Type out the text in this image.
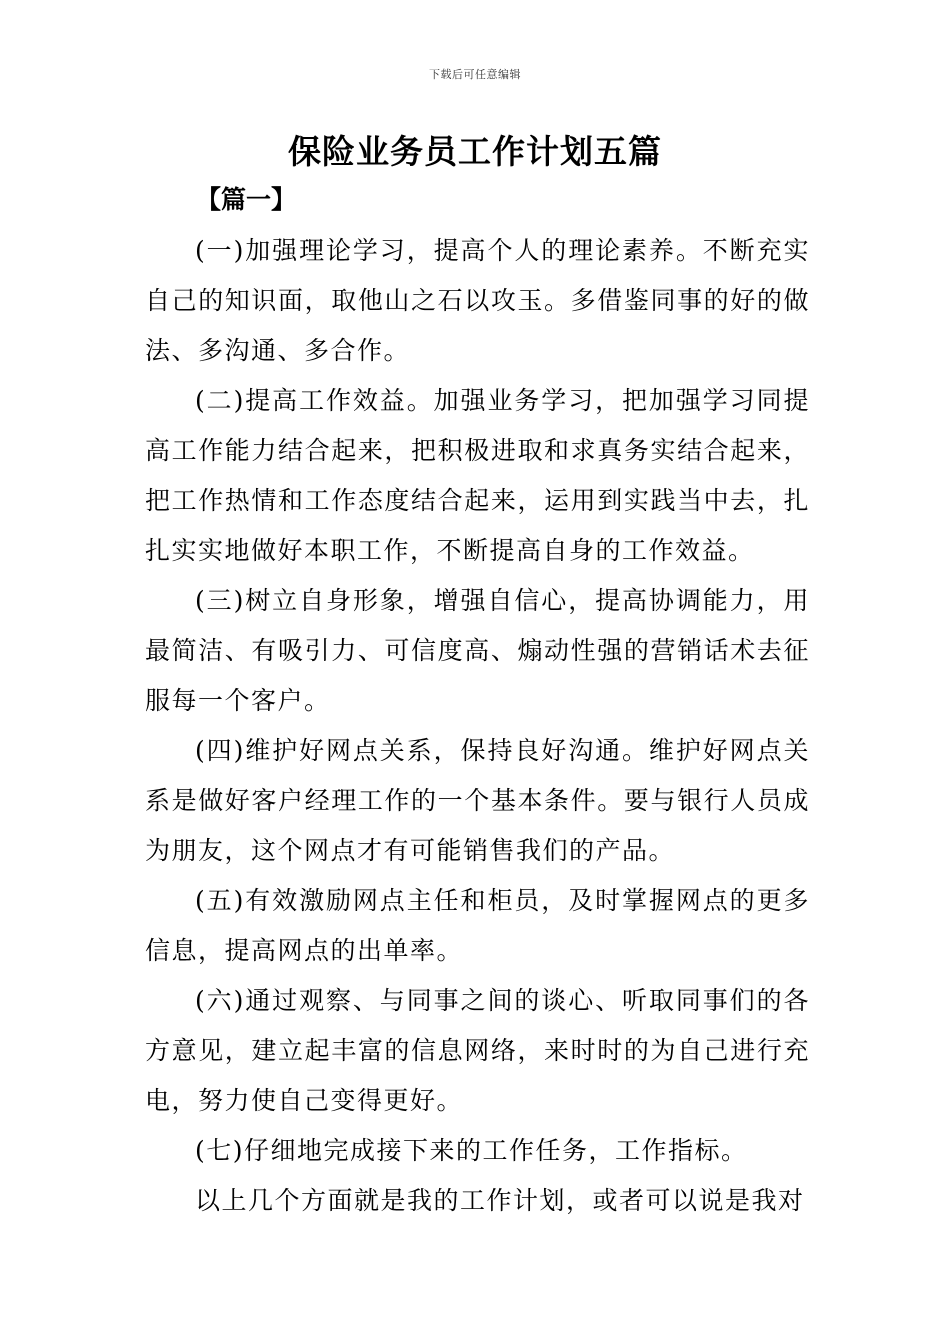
下载后可任意编辑
保险业务员工作计划五篇
【篇一】

(一)加强理论学习，提高个人的理论素养。不断充实自己的知识面，取他山之石以攻玉。多借鉴同事的好的做法、多沟通、多合作。

(二)提高工作效益。加强业务学习，把加强学习同提高工作能力结合起来，把积极进取和求真务实结合起来，把工作热情和工作态度结合起来，运用到实践当中去，扎扎实实地做好本职工作，不断提高自身的工作效益。

(三)树立自身形象，增强自信心，提高协调能力，用最简洁、有吸引力、可信度高、煽动性强的营销话术去征服每一个客户。

(四)维护好网点关系，保持良好沟通。维护好网点关系是做好客户经理工作的一个基本条件。要与银行人员成为朋友，这个网点才有可能销售我们的产品。

(五)有效激励网点主任和柜员，及时掌握网点的更多信息，提高网点的出单率。

(六)通过观察、与同事之间的谈心、听取同事们的各方意见，建立起丰富的信息网络，来时时的为自己进行充电，努力使自己变得更好。

(七)仔细地完成接下来的工作任务，工作指标。

以上几个方面就是我的工作计划，或者可以说是我对
